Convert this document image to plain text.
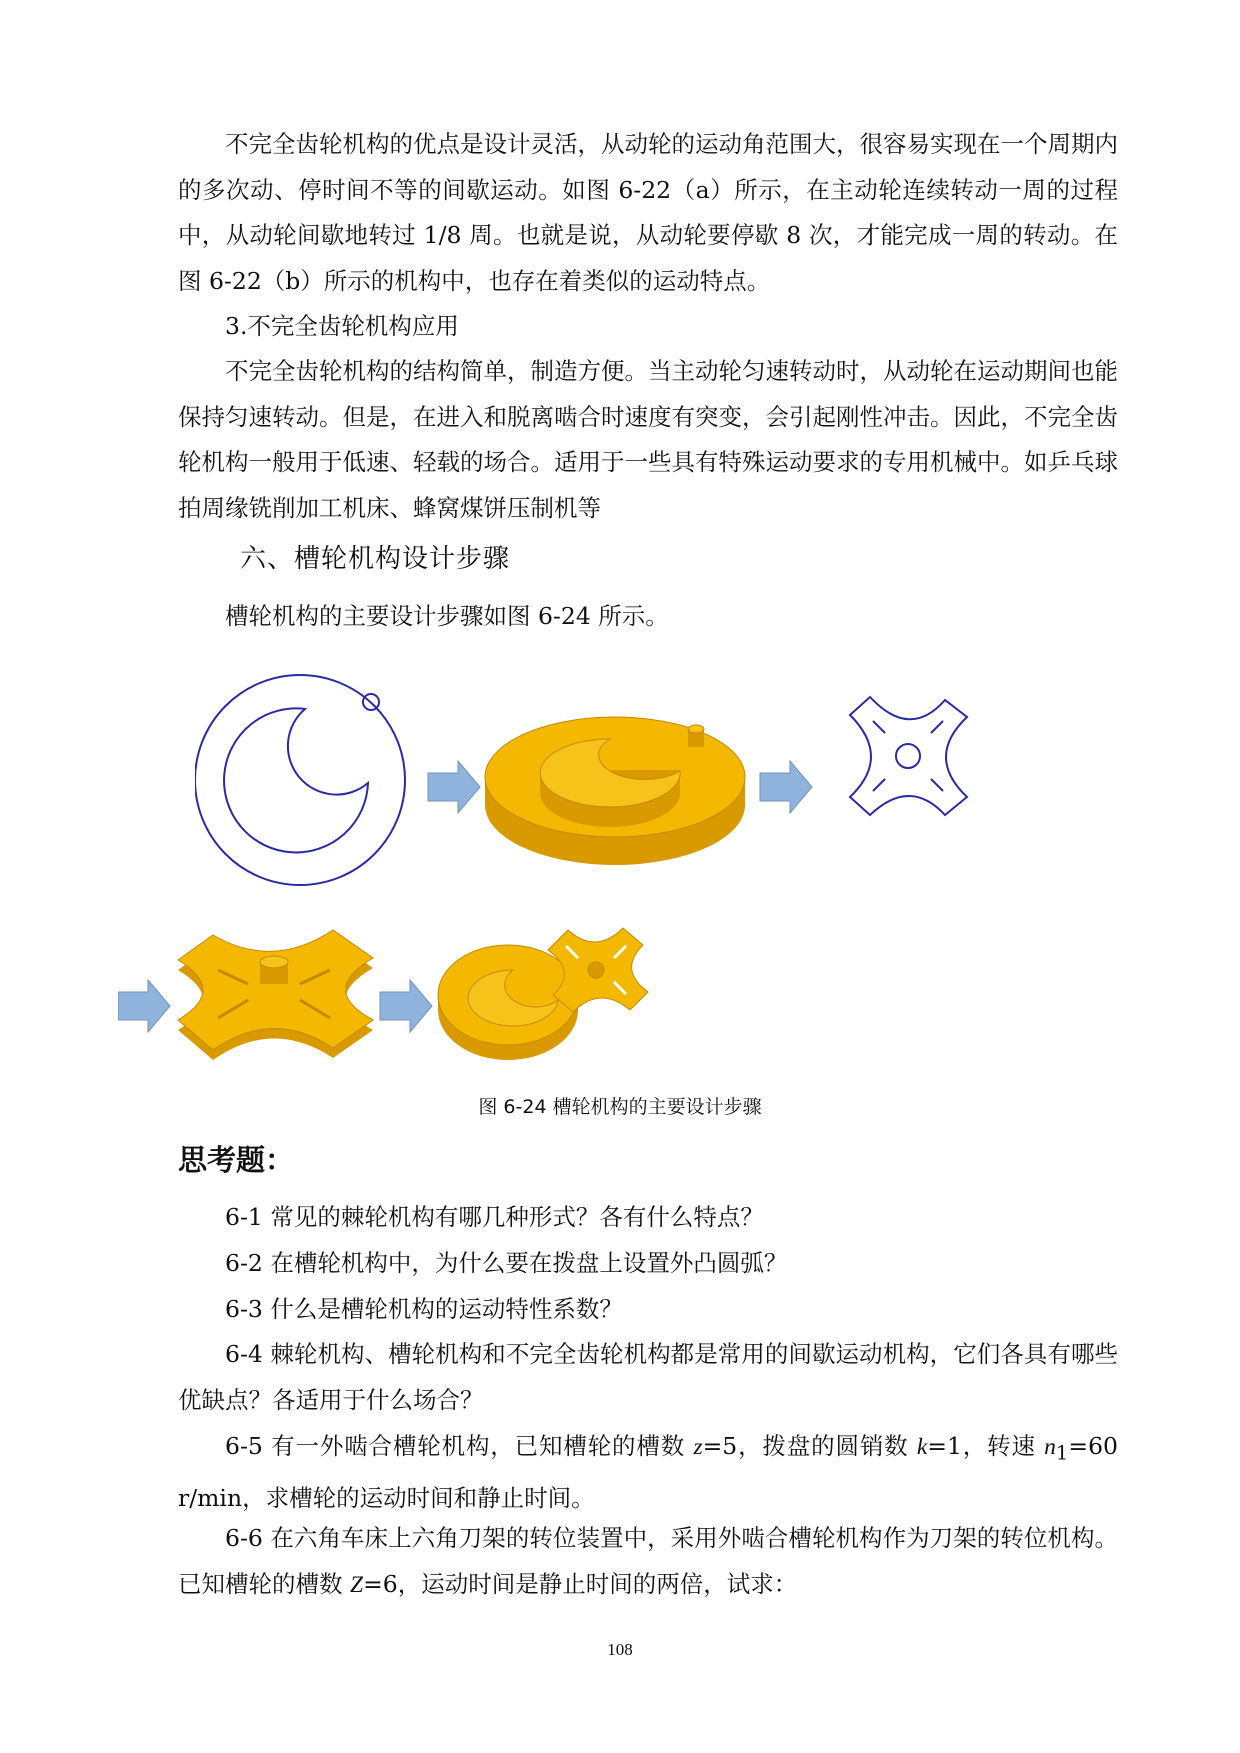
不完全齿轮机构的优点是设计灵活，从动轮的运动角范围大，很容易实现在一个周期内的多次动、停时间不等的间歇运动。如图 6-22（a）所示，在主动轮连续转动一周的过程中，从动轮间歇地转过 1/8 周。也就是说，从动轮要停歇 8 次，才能完成一周的转动。在图 6-22（b）所示的机构中，也存在着类似的运动特点。

3.不完全齿轮机构应用

不完全齿轮机构的结构简单，制造方便。当主动轮匀速转动时，从动轮在运动期间也能保持匀速转动。但是，在进入和脱离啮合时速度有突变，会引起刚性冲击。因此，不完全齿轮机构一般用于低速、轻载的场合。适用于一些具有特殊运动要求的专用机械中。如乒乓球拍周缘铣削加工机床、蜂窝煤饼压制机等

六、槽轮机构设计步骤

槽轮机构的主要设计步骤如图 6-24 所示。

图 6-24 槽轮机构的主要设计步骤

思考题：

6-1 常见的棘轮机构有哪几种形式？各有什么特点？

6-2 在槽轮机构中，为什么要在拨盘上设置外凸圆弧？

6-3 什么是槽轮机构的运动特性系数？

6-4 棘轮机构、槽轮机构和不完全齿轮机构都是常用的间歇运动机构，它们各具有哪些优缺点？各适用于什么场合？

6-5 有一外啮合槽轮机构，已知槽轮的槽数 z=5，拨盘的圆销数 k=1，转速 $n_1=60$ r/min，求槽轮的运动时间和静止时间。

6-6 在六角车床上六角刀架的转位装置中，采用外啮合槽轮机构作为刀架的转位机构。已知槽轮的槽数 Z=6，运动时间是静止时间的两倍，试求：

108
